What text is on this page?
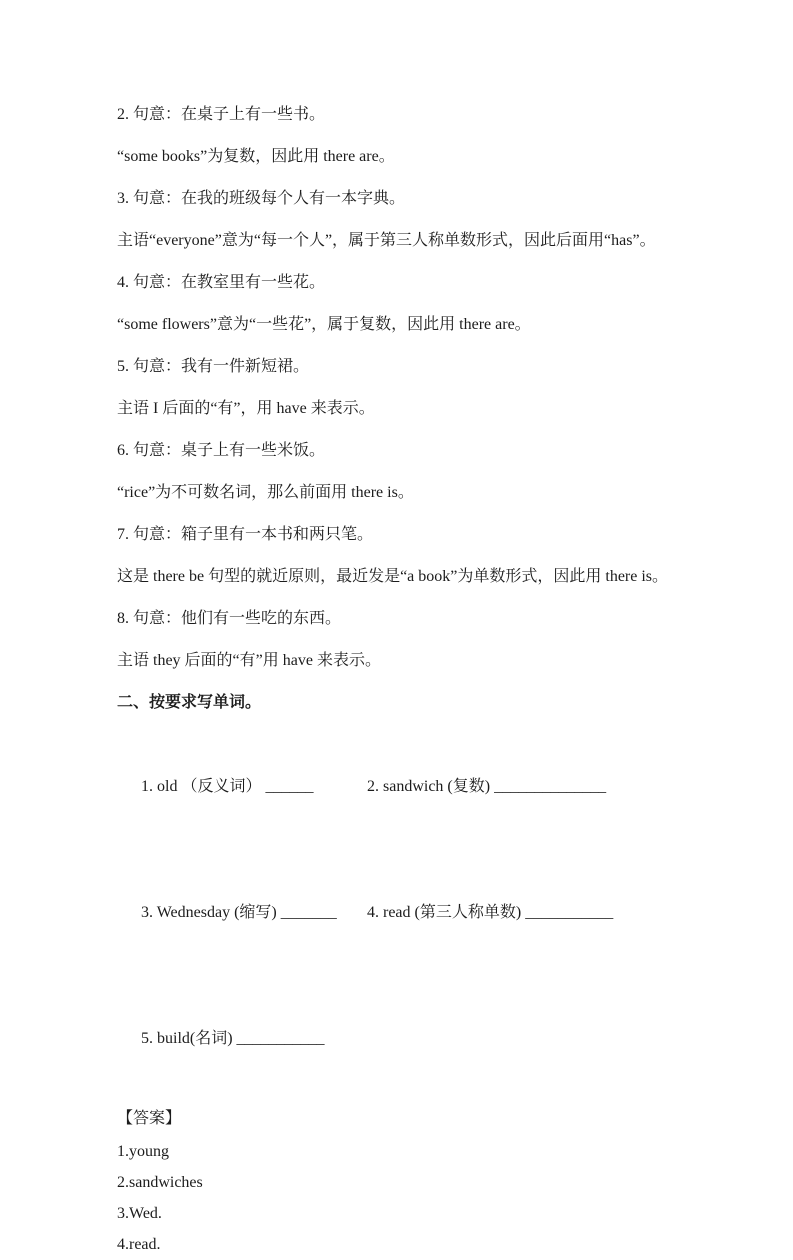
2. 句意：在桌子上有一些书。

“some books”为复数，因此用 there are。

3. 句意：在我的班级每个人有一本字典。

主语“everyone”意为“每一个人”，属于第三人称单数形式，因此后面用“has”。

4. 句意：在教室里有一些花。

“some flowers”意为“一些花”，属于复数，因此用 there are。

5. 句意：我有一件新短裙。

主语 I 后面的“有”，用 have 来表示。

6. 句意：桌子上有一些米饭。

“rice”为不可数名词，那么前面用 there is。

7. 句意：箱子里有一本书和两只笔。

这是 there be 句型的就近原则，最近发是“a book”为单数形式，因此用 there is。

8. 句意：他们有一些吃的东西。

主语 they 后面的“有”用 have 来表示。

二、按要求写单词。

1. old （反义词） ______	2. sandwich (复数) ______________

3. Wednesday (缩写) _______ 4. read (第三人称单数) ___________

5. build(名词) ___________

【答案】

1.young

2.sandwiches

3.Wed.

4.read.
